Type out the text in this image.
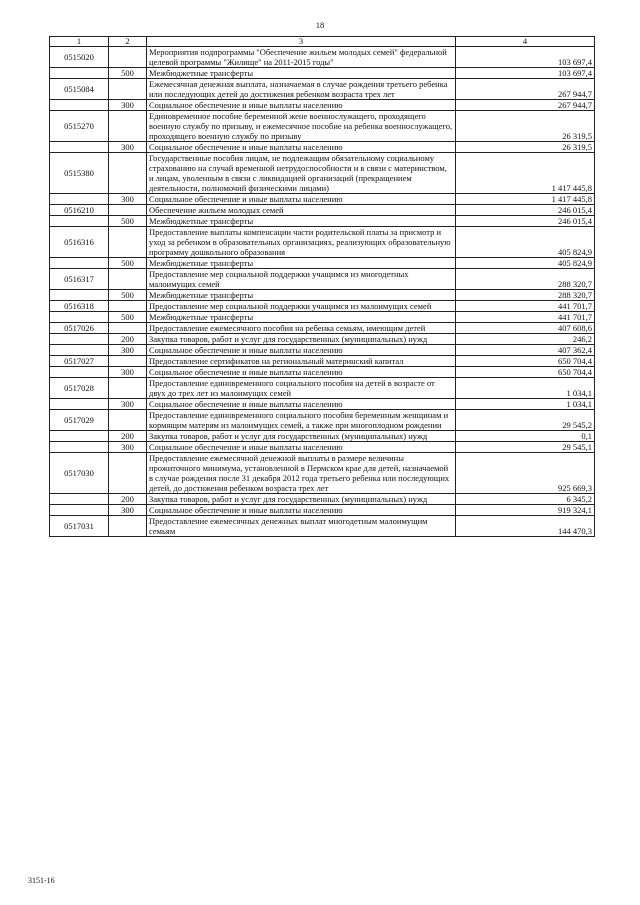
18
1	2	3	4
0515020		Мероприятия подпрограммы "Обеспечение жильем молодых семей" федеральной целевой программы "Жилище" на 2011-2015 годы"	103 697,4
	500	Межбюджетные трансферты	103 697,4
0515084		Ежемесячная денежная выплата, назначаемая в случае рождения третьего ребенка или последующих детей до достижения ребенком возраста трех лет	267 944,7
	300	Социальное обеспечение и иные выплаты населению	267 944,7
0515270		Единовременное пособие беременной жене военнослужащего, проходящего военную службу по призыву, и ежемесячное пособие на ребенка военнослужащего, проходящего военную службу по призыву	26 319,5
	300	Социальное обеспечение и иные выплаты населению	26 319,5
0515380		Государственные пособия лицам, не подлежащим обязательному социальному страхованию на случай временной нетрудоспособности и в связи с материнством, и лицам, уволенным в связи с ликвидацией организаций (прекращением деятельности, полномочий физическими лицами)	1 417 445,8
	300	Социальное обеспечение и иные выплаты населению	1 417 445,8
0516210		Обеспечение жильем молодых семей	246 015,4
	500	Межбюджетные трансферты	246 015,4
0516316		Предоставление выплаты компенсации части родительской платы за присмотр и уход за ребенком в образовательных организациях, реализующих образовательную программу дошкольного образования	405 824,9
	500	Межбюджетные трансферты	405 824,9
0516317		Предоставление мер социальной поддержки учащимся из многодетных малоимущих семей	288 320,7
	500	Межбюджетные трансферты	288 320,7
0516318		Предоставление мер социальной поддержки учащимся из малоимущих семей	441 701,7
	500	Межбюджетные трансферты	441 701,7
0517026		Предоставление ежемесячного пособия на ребенка семьям, имеющим детей	407 608,6
	200	Закупка товаров, работ и услуг для государственных (муниципальных) нужд	246,2
	300	Социальное обеспечение и иные выплаты населению	407 362,4
0517027		Предоставление сертификатов на региональный материнский капитал	650 704,4
	300	Социальное обеспечение и иные выплаты населению	650 704,4
0517028		Предоставление единовременного социального пособия на детей в возрасте от двух до трех лет из малоимущих семей	1 034,1
	300	Социальное обеспечение и иные выплаты населению	1 034,1
0517029		Предоставление единовременного социального пособия беременным женщинам и кормящим матерям из малоимущих семей, а также при многоплодном рождении	29 545,2
	200	Закупка товаров, работ и услуг для государственных (муниципальных) нужд	0,1
	300	Социальное обеспечение и иные выплаты населению	29 545,1
0517030		Предоставление ежемесячной денежной выплаты в размере величины прожиточного минимума, установленной в Пермском крае для детей, назначаемой в случае рождения после 31 декабря 2012 года третьего ребенка или последующих детей, до достижения ребенком возраста трех лет	925 669,3
	200	Закупка товаров, работ и услуг для государственных (муниципальных) нужд	6 345,2
	300	Социальное обеспечение и иные выплаты населению	919 324,1
0517031		Предоставление ежемесячных денежных выплат многодетным малоимущим семьям	144 470,3
3151-16
